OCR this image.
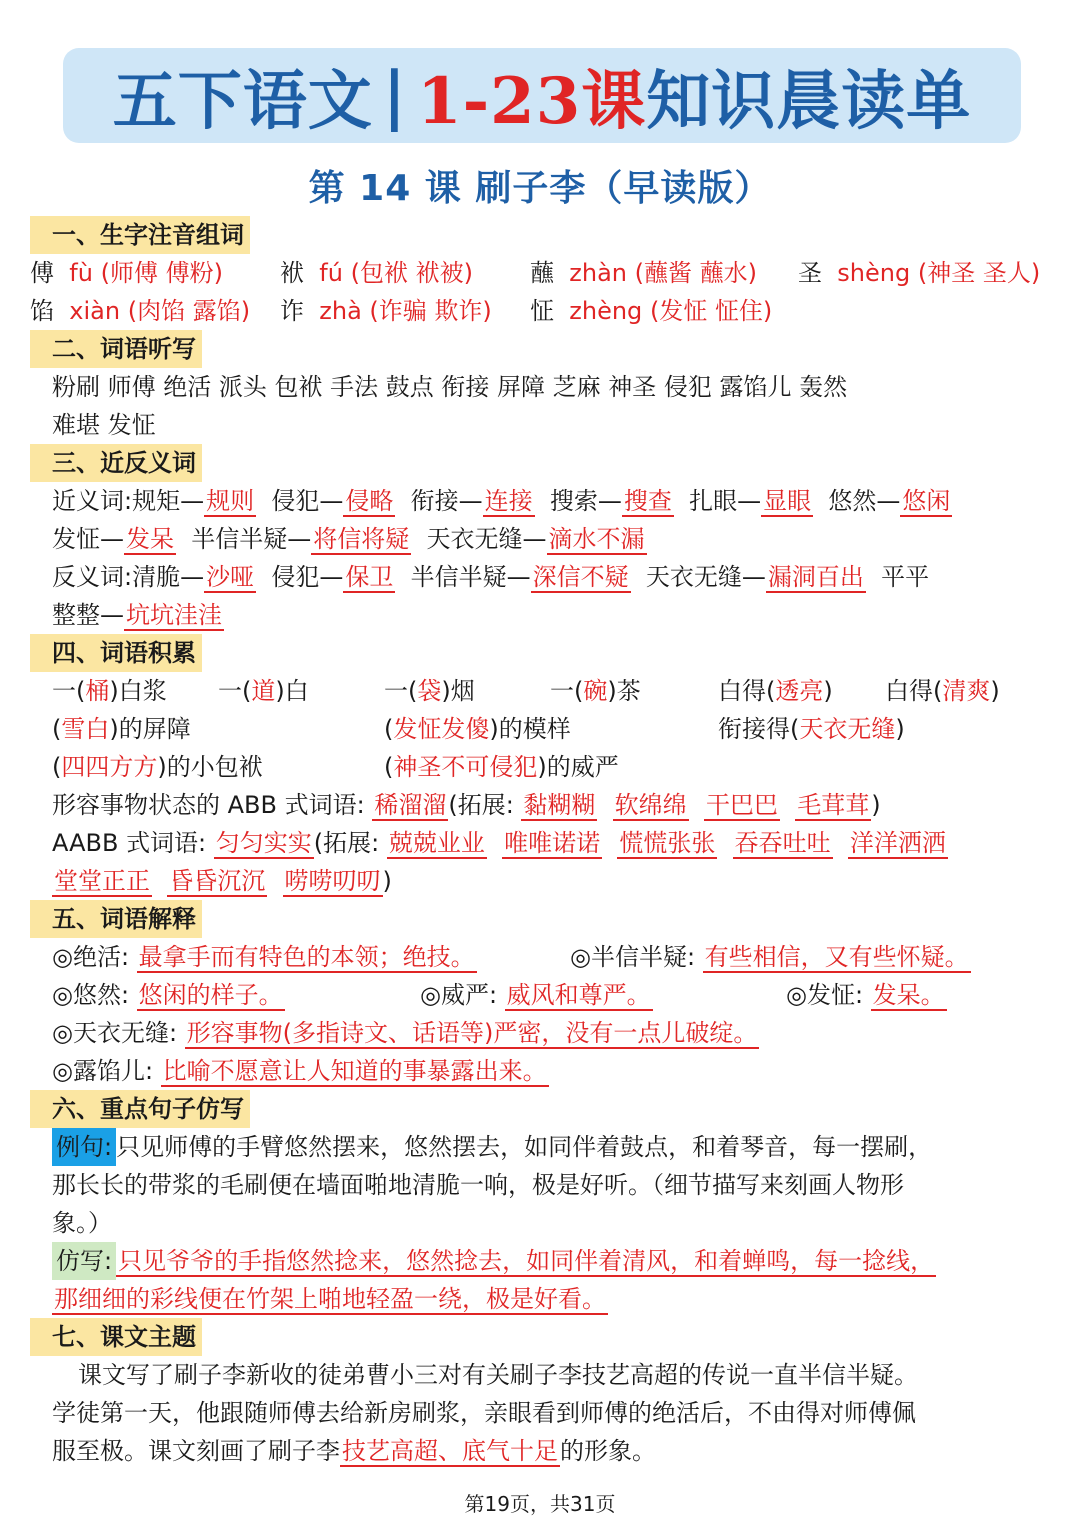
五下语文 | 1-23课 知识晨读单
第 14 课 刷子李（早读版）
一、生字注音组词
傅 fù (师傅 傅粉) 袱 fú (包袱 袱被) 蘸 zhàn (蘸酱 蘸水) 圣 shèng (神圣 圣人)
馅 xiàn (肉馅 露馅) 诈 zhà (诈骗 欺诈) 怔 zhèng (发怔 怔住)
二、词语听写
粉刷 师傅 绝活 派头 包袱 手法 鼓点 衔接 屏障 芝麻 神圣 侵犯 露馅儿 轰然
难堪 发怔
三、近反义词
近义词:规矩—规则 侵犯—侵略 衔接—连接 搜索—搜查 扎眼—显眼 悠然—悠闲
发怔—发呆 半信半疑—将信将疑 天衣无缝—滴水不漏
反义词:清脆—沙哑 侵犯—保卫 半信半疑—深信不疑 天衣无缝—漏洞百出 平平
整整—坑坑洼洼
四、词语积累
一(桶)白浆 一(道)白	一(袋)烟	一(碗)茶	白得(透亮) 白得(清爽)
(雪白)的屏障	(发怔发傻)的模样	衔接得(天衣无缝)
(四四方方)的小包袱	(神圣不可侵犯)的威严
形容事物状态的 ABB 式词语: 稀溜溜(拓展: 黏糊糊 软绵绵 干巴巴 毛茸茸)
AABB 式词语: 匀匀实实(拓展: 兢兢业业 唯唯诺诺 慌慌张张 吞吞吐吐 洋洋洒洒
堂堂正正 昏昏沉沉 唠唠叨叨)
五、词语解释
◎绝活: 最拿手而有特色的本领；绝技。	◎半信半疑: 有些相信，又有些怀疑。
◎悠然: 悠闲的样子。	◎威严: 威风和尊严。	◎发怔: 发呆。
◎天衣无缝: 形容事物(多指诗文、话语等)严密，没有一点儿破绽。
◎露馅儿: 比喻不愿意让人知道的事暴露出来。
六、重点句子仿写
例句: 只见师傅的手臂悠然摆来，悠然摆去，如同伴着鼓点，和着琴音，每一摆刷，
那长长的带浆的毛刷便在墙面啪地清脆一响，极是好听。（细节描写来刻画人物形
象。）
仿写: 只见爷爷的手指悠然捻来，悠然捻去，如同伴着清风，和着蝉鸣，每一捻线，
那细细的彩线便在竹架上啪地轻盈一绕，极是好看。
七、课文主题
课文写了刷子李新收的徒弟曹小三对有关刷子李技艺高超的传说一直半信半疑。
学徒第一天，他跟随师傅去给新房刷浆，亲眼看到师傅的绝活后，不由得对师傅佩
服至极。课文刻画了刷子李技艺高超、底气十足的形象。
第19页，共31页
